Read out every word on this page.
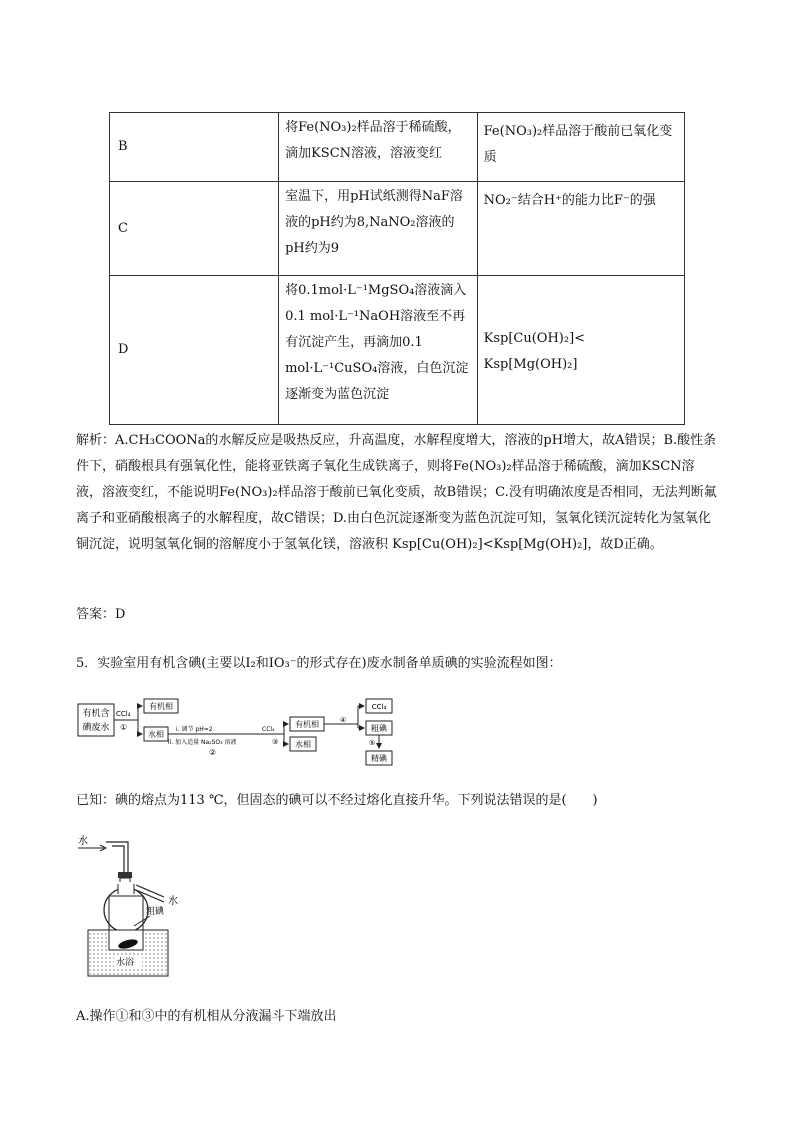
B	将Fe(NO₃)₂样品溶于稀硫酸，滴加KSCN溶液，溶液变红	Fe(NO₃)₂样品溶于酸前已氧化变质
C	室温下，用pH试纸测得NaF溶液的pH约为8,NaNO₂溶液的pH约为9	NO₂⁻结合H⁺的能力比F⁻的强
D	将0.1mol·L⁻¹MgSO₄溶液滴入0.1 mol·L⁻¹NaOH溶液至不再有沉淀产生，再滴加0.1 mol·L⁻¹CuSO₄溶液，白色沉淀逐渐变为蓝色沉淀	Ksp[Cu(OH)₂]< Ksp[Mg(OH)₂]
解析：A.CH₃COONa的水解反应是吸热反应，升高温度，水解程度增大，溶液的pH增大，故A错误；B.酸性条件下，硝酸根具有强氧化性，能将亚铁离子氧化生成铁离子，则将Fe(NO₃)₂样品溶于稀硫酸，滴加KSCN溶液，溶液变红，不能说明Fe(NO₃)₂样品溶于酸前已氧化变质，故B错误；C.没有明确浓度是否相同，无法判断氟离子和亚硝酸根离子的水解程度，故C错误；D.由白色沉淀逐渐变为蓝色沉淀可知，氢氧化镁沉淀转化为氢氧化铜沉淀，说明氢氧化铜的溶解度小于氢氧化镁，溶液积 Ksp[Cu(OH)₂]<Ksp[Mg(OH)₂]，故D正确。
答案：D
5．实验室用有机含碘(主要以I₂和IO₃⁻的形式存在)废水制备单质碘的实验流程如图：
有机含
碘废水
CCl₄
①
有机相
水相
i. 调节 pH=2
ii. 加入适量 Na₂SO₃ 溶液
②
CCl₄
③
有机相
水相
④
CCl₄
粗碘
⑤
精碘
已知：碘的熔点为113 ℃，但固态的碘可以不经过熔化直接升华。下列说法错误的是(　　)
水
水
粗碘
水浴
A.操作①和③中的有机相从分液漏斗下端放出
